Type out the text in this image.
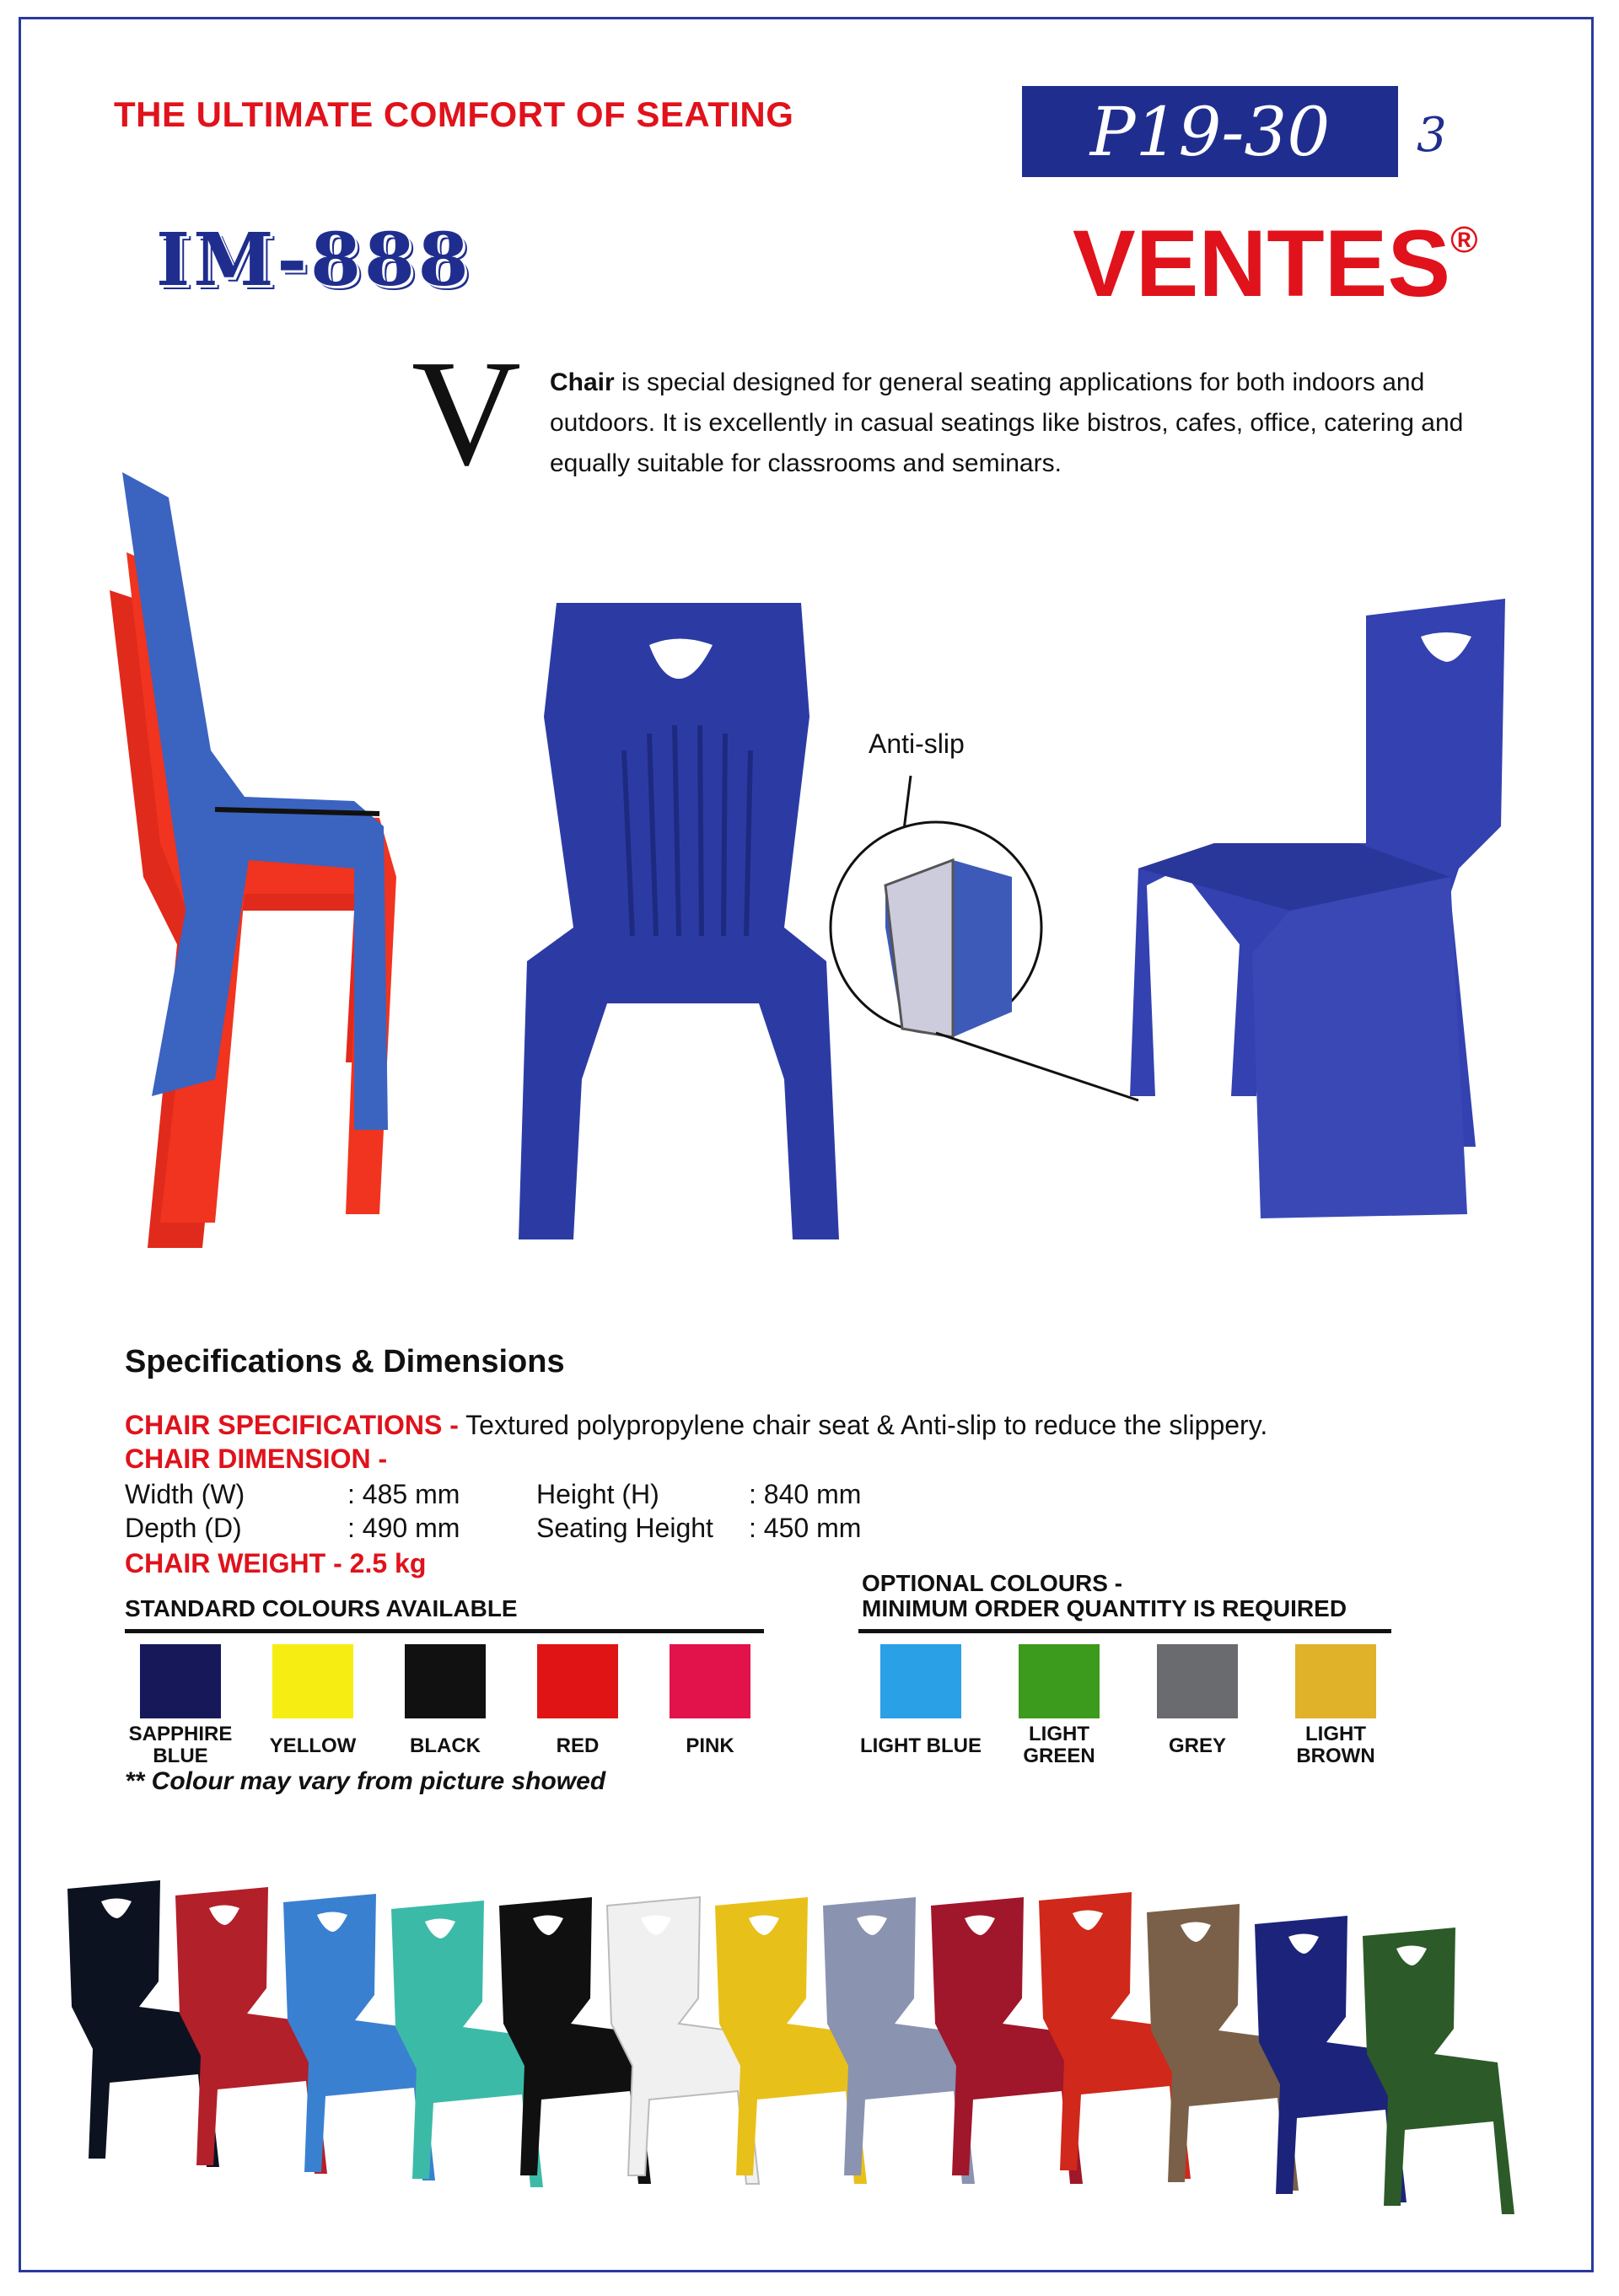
THE ULTIMATE COMFORT OF SEATING	P19-30 3
IM-888	VENTES®
V Chair is special designed for general seating applications for both indoors and outdoors. It is excellently in casual seatings like bistros, cafes, office, catering and equally suitable for classrooms and seminars.
Anti-slip
Specifications & Dimensions
CHAIR SPECIFICATIONS - Textured polypropylene chair seat & Anti-slip to reduce the slippery.
CHAIR DIMENSION -
Width (W)	: 485 mm	Height (H)	: 840 mm
Depth (D)	: 490 mm	Seating Height : 450 mm
CHAIR WEIGHT - 2.5 kg
STANDARD COLOURS AVAILABLE
OPTIONAL COLOURS -
MINIMUM ORDER QUANTITY IS REQUIRED
SAPPHIRE
BLUE	YELLOW	BLACK	RED	PINK	LIGHT BLUE
LIGHT
GREEN	GREY
LIGHT
BROWN
** Colour may vary from picture showed
